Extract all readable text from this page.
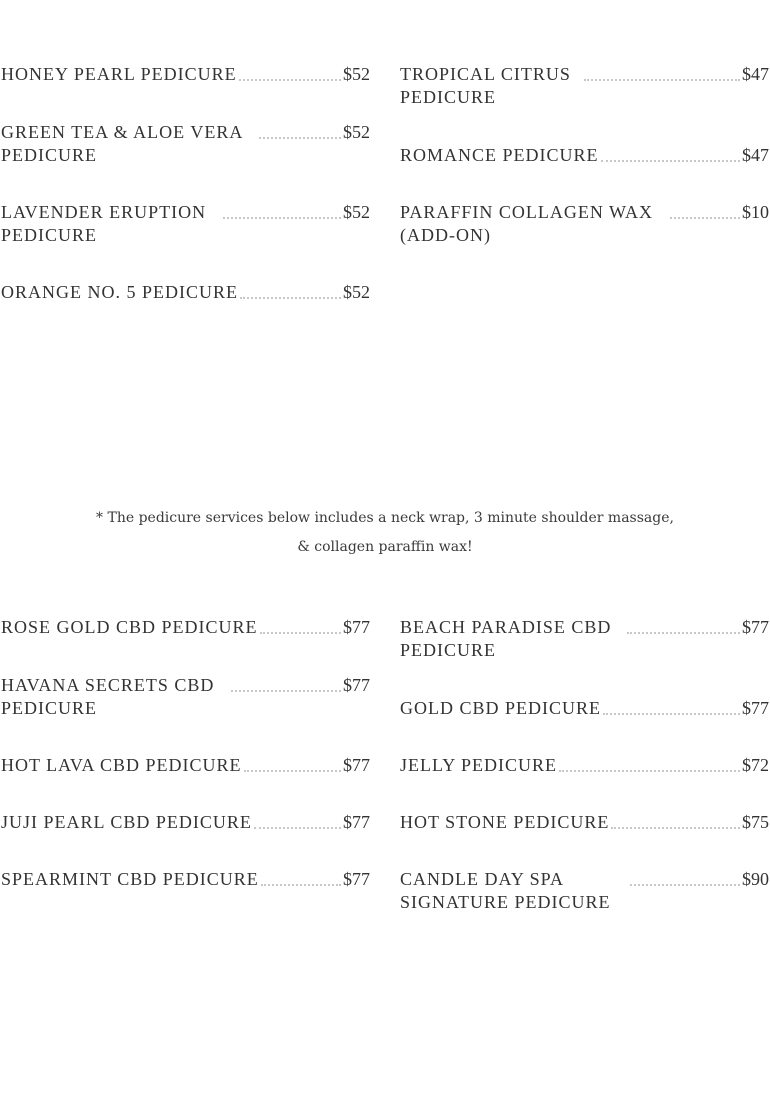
HONEY PEARL PEDICURE	$52
GREEN TEA & ALOE VERA PEDICURE
$52
LAVENDER ERUPTION PEDICURE
$52
ORANGE NO. 5 PEDICURE	$52
TROPICAL CITRUS PEDICURE
$47
ROMANCE PEDICURE	$47
PARAFFIN COLLAGEN WAX (ADD-ON)
$10
* The pedicure services below includes a neck wrap, 3 minute shoulder massage,
& collagen paraffin wax!
ROSE GOLD CBD PEDICURE	$77
HAVANA SECRETS CBD PEDICURE
$77
HOT LAVA CBD PEDICURE	$77
JUJI PEARL CBD PEDICURE	$77
SPEARMINT CBD PEDICURE	$77
BEACH PARADISE CBD PEDICURE
$77
GOLD CBD PEDICURE	$77
JELLY PEDICURE	$72
HOT STONE PEDICURE	$75
CANDLE DAY SPA SIGNATURE PEDICURE
$90
